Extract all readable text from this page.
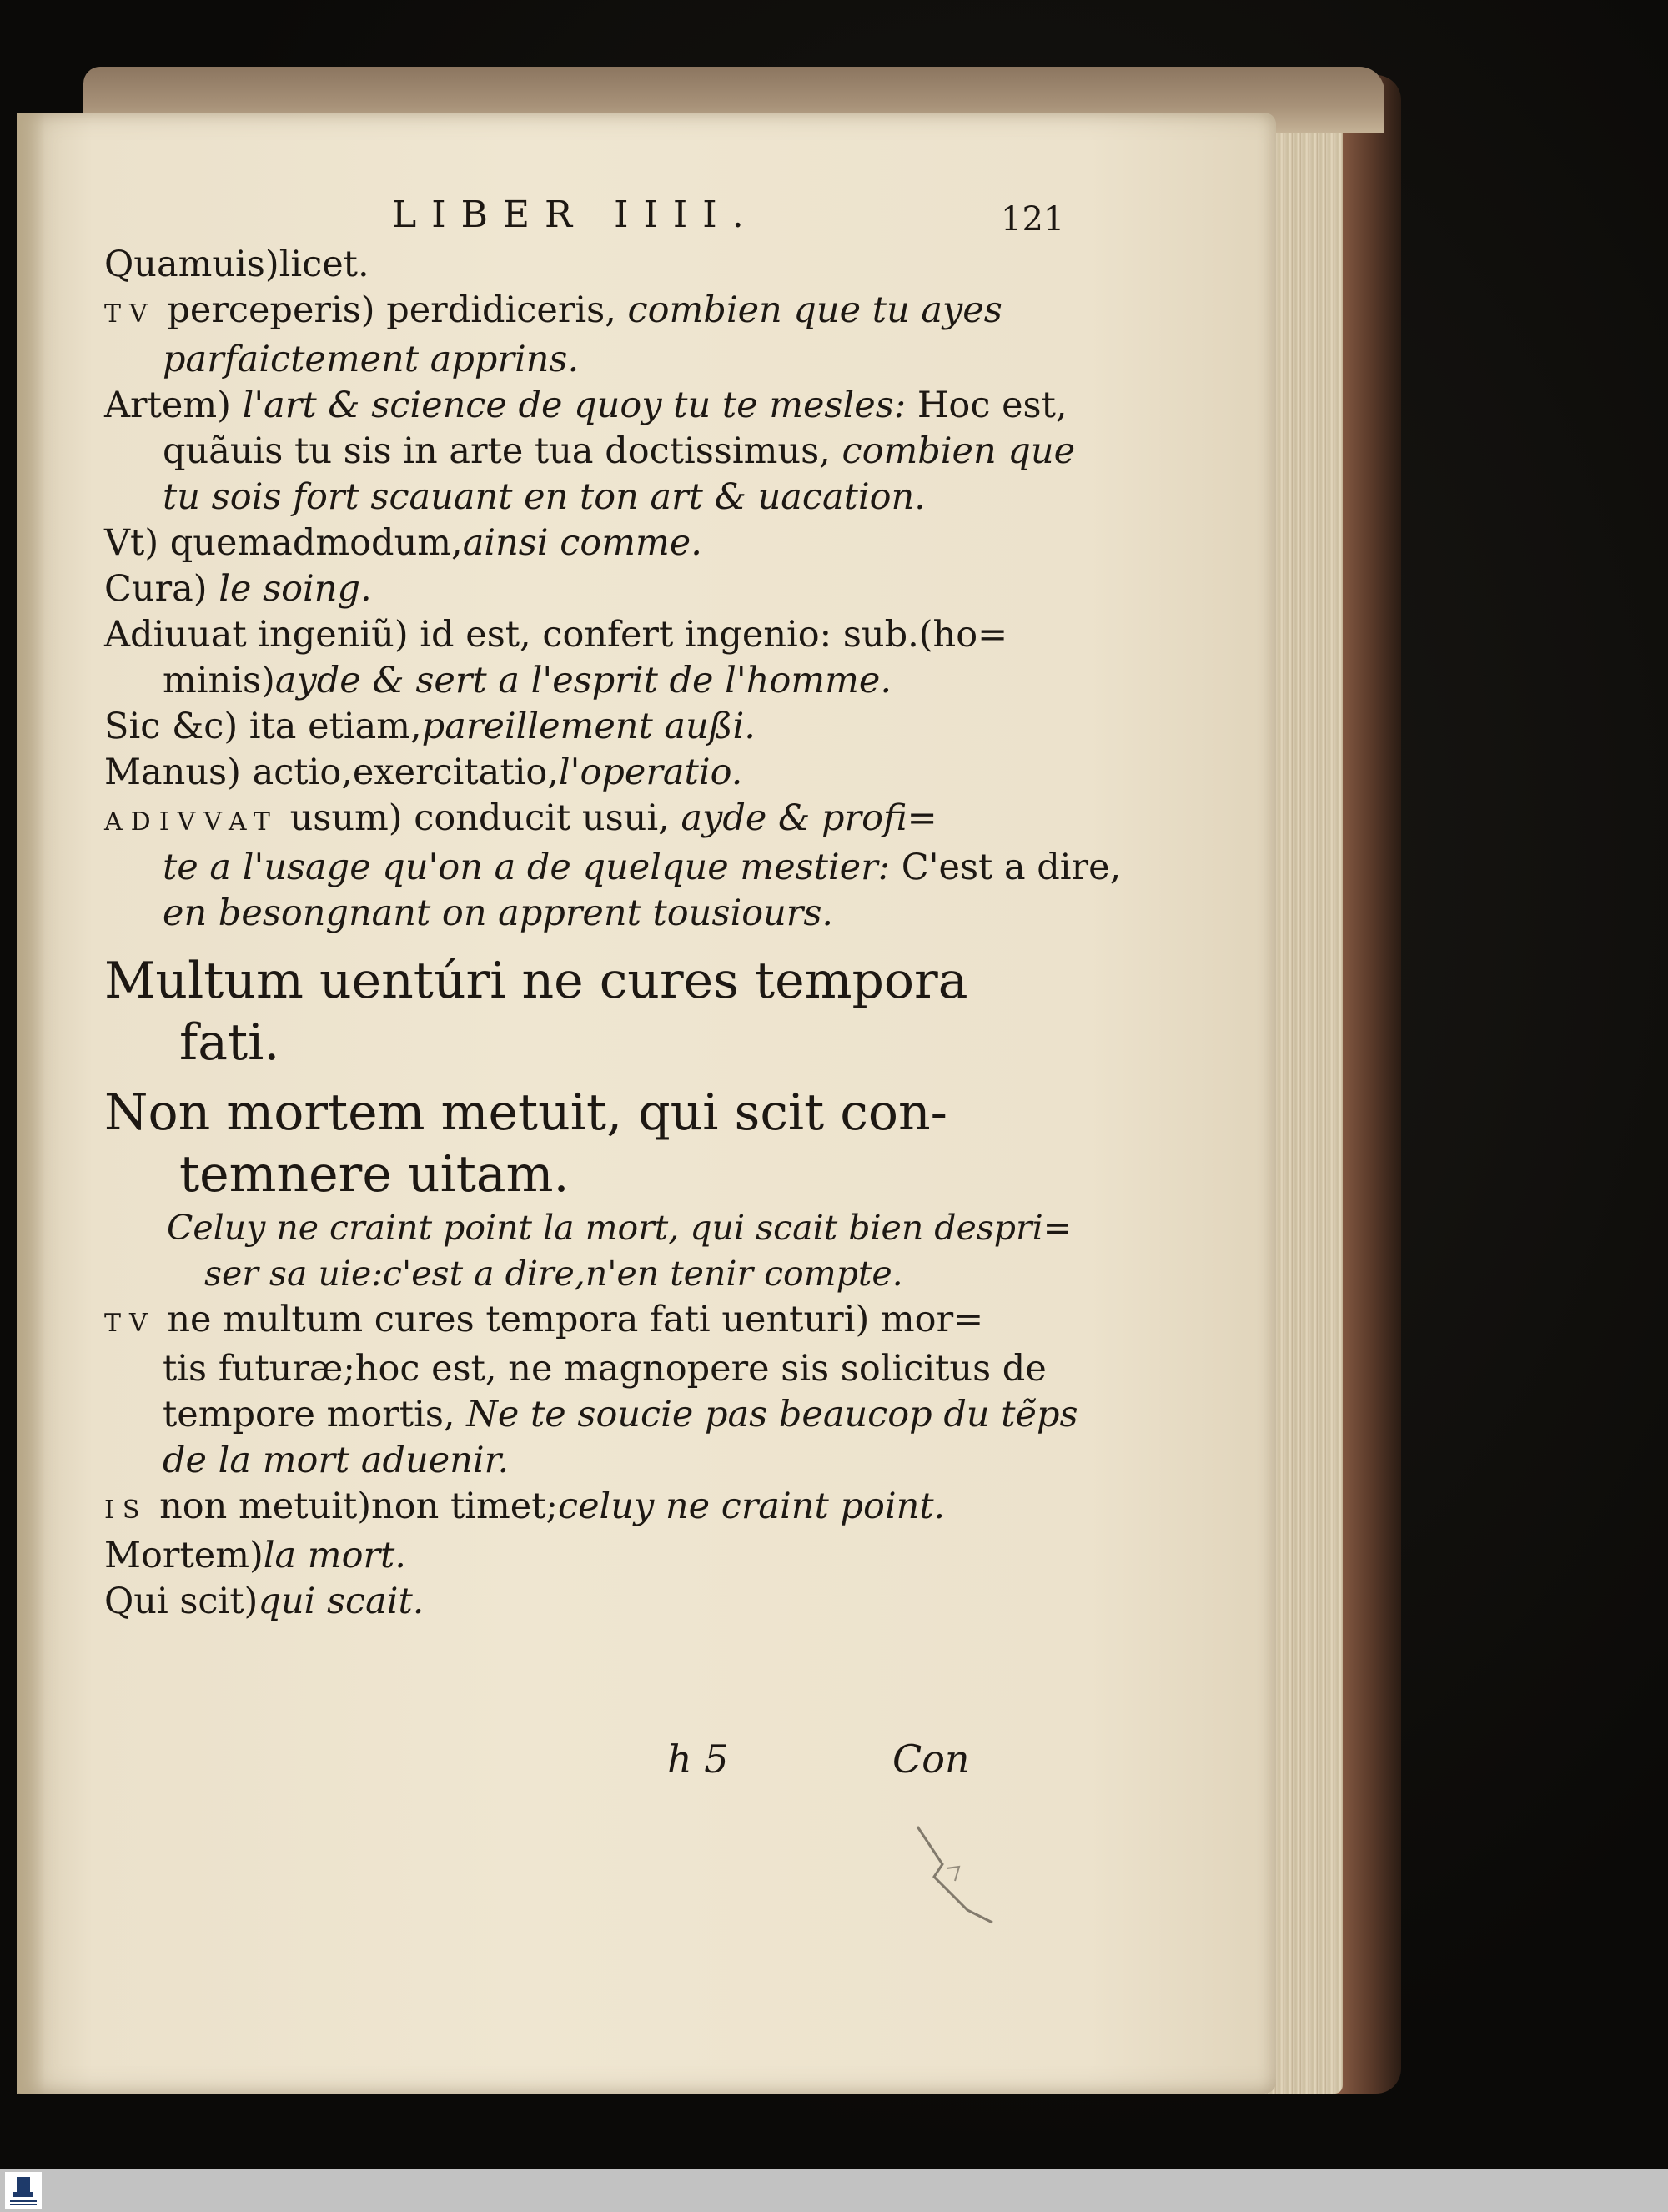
LIBER IIII.	121

Quamuis)licet.

TV perceperis) perdidiceris, combien que tu ayes

parfaictement apprins.

Artem) l'art & science de quoy tu te mesles: Hoc est,

quãuis tu sis in arte tua doctissimus, combien que

tu sois fort scauant en ton art & uacation.

Vt) quemadmodum,ainsi comme.

Cura) le soing.

Adiuuat ingeniũ) id est, confert ingenio: sub.(ho=

minis)ayde & sert a l'esprit de l'homme.

Sic &c) ita etiam,pareillement außi.

Manus) actio,exercitatio,l'operatio.

ADIVVAT usum) conducit usui, ayde & profi=

te a l'usage qu'on a de quelque mestier: C'est a dire,

en besongnant on apprent tousiours.

Multum uentúri ne cures tempora

fati.

Non mortem metuit, qui scit con-

temnere uitam.

Celuy ne craint point la mort, qui scait bien despri=

ser sa uie:c'est a dire,n'en tenir compte.

TV ne multum cures tempora fati uenturi) mor=

tis futuræ;hoc est, ne magnopere sis solicitus de

tempore mortis, Ne te soucie pas beaucop du tẽps

de la mort aduenir.

IS non metuit)non timet;celuy ne craint point.

Mortem)la mort.

Qui scit)qui scait.

h 5	Con
